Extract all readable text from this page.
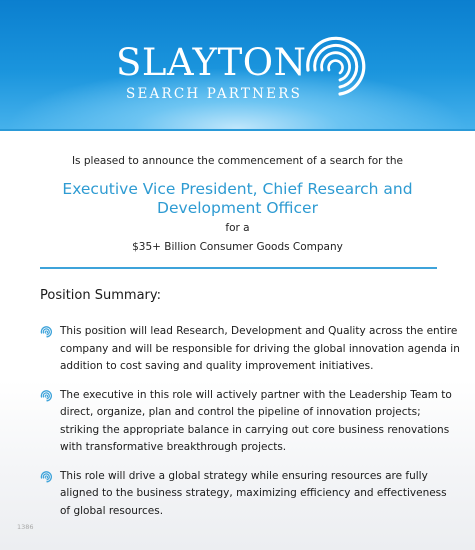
SLAYTON
SEARCH PARTNERS
Is pleased to announce the commencement of a search for the
Executive Vice President, Chief Research and Development Officer
for a
$35+ Billion Consumer Goods Company
Position Summary:
This position will lead Research, Development and Quality across the entire company and will be responsible for driving the global innovation agenda in addition to cost saving and quality improvement initiatives.
The executive in this role will actively partner with the Leadership Team to direct, organize, plan and control the pipeline of innovation projects; striking the appropriate balance in carrying out core business renovations with transformative breakthrough projects.
This role will drive a global strategy while ensuring resources are fully aligned to the business strategy, maximizing efficiency and effectiveness of global resources.
1386
